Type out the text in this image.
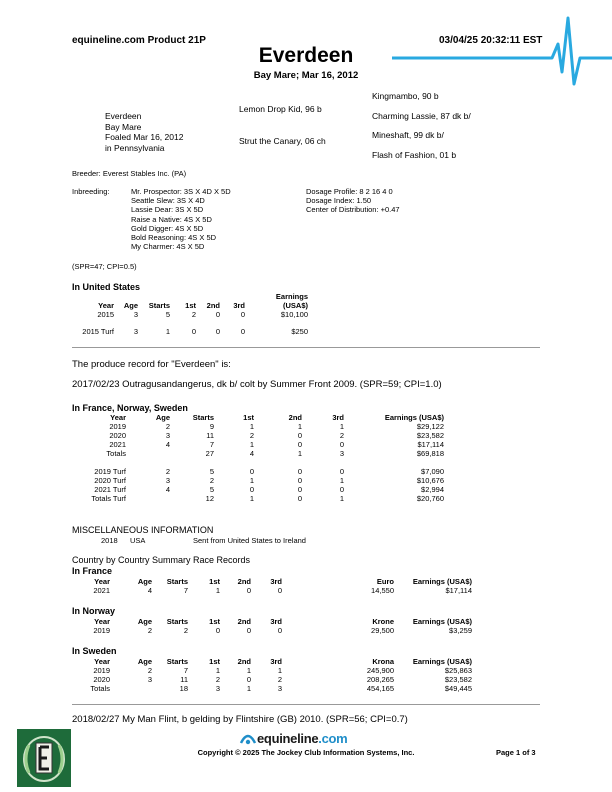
equineline.com Product 21P	03/04/25 20:32:11 EST
Everdeen
Bay Mare; Mar 16, 2012
Everdeen
Bay Mare
Foaled Mar 16, 2012
in Pennsylvania
Lemon Drop Kid, 96 b
Strut the Canary, 06 ch
Kingmambo, 90 b
Charming Lassie, 87 dk b/
Mineshaft, 99 dk b/
Flash of Fashion, 01 b
Breeder: Everest Stables Inc. (PA)
Inbreeding:	Mr. Prospector: 3S X 4D X 5D
Seattle Slew: 3S X 4D
Lassie Dear: 3S X 5D
Raise a Native: 4S X 5D
Gold Digger: 4S X 5D
Bold Reasoning: 4S X 5D
My Charmer: 4S X 5D
Dosage Profile: 8 2 16 4 0
Dosage Index: 1.50
Center of Distribution: +0.47
(SPR=47; CPI=0.5)
In United States
						Earnings
Year	Age	Starts	1st	2nd	3rd	(USA$)
2015	3	5	2	0	0	$10,100

2015 Turf	3	1	0	0	0	$250
The produce record for "Everdeen" is:
2017/02/23 Outragusandangerus, dk b/ colt by Summer Front 2009. (SPR=59; CPI=1.0)
In France, Norway, Sweden
Year	Age	Starts	1st	2nd	3rd	Earnings (USA$)
2019	2	9	1	1	1	$29,122
2020	3	11	2	0	2	$23,582
2021	4	7	1	0	0	$17,114
Totals		27	4	1	3	$69,818

2019 Turf	2	5	0	0	0	$7,090
2020 Turf	3	2	1	0	1	$10,676
2021 Turf	4	5	0	0	0	$2,994
Totals Turf		12	1	0	1	$20,760
MISCELLANEOUS INFORMATION
2018 USA	Sent from United States to Ireland
Country by Country Summary Race Records
In France
Year	Age	Starts	1st	2nd	3rd	Euro	Earnings (USA$)
2021	4	7	1	0	0	14,550	$17,114
In Norway
Year	Age	Starts	1st	2nd	3rd	Krone	Earnings (USA$)
2019	2	2	0	0	0	29,500	$3,259
In Sweden
Year	Age	Starts	1st	2nd	3rd	Krona	Earnings (USA$)
2019	2	7	1	1	1	245,900	$25,863
2020	3	11	2	0	2	208,265	$23,582
Totals		18	3	1	3	454,165	$49,445
2018/02/27 My Man Flint, b gelding by Flintshire (GB) 2010. (SPR=56; CPI=0.7)
equineline.com
Copyright © 2025 The Jockey Club Information Systems, Inc.	Page 1 of 3
